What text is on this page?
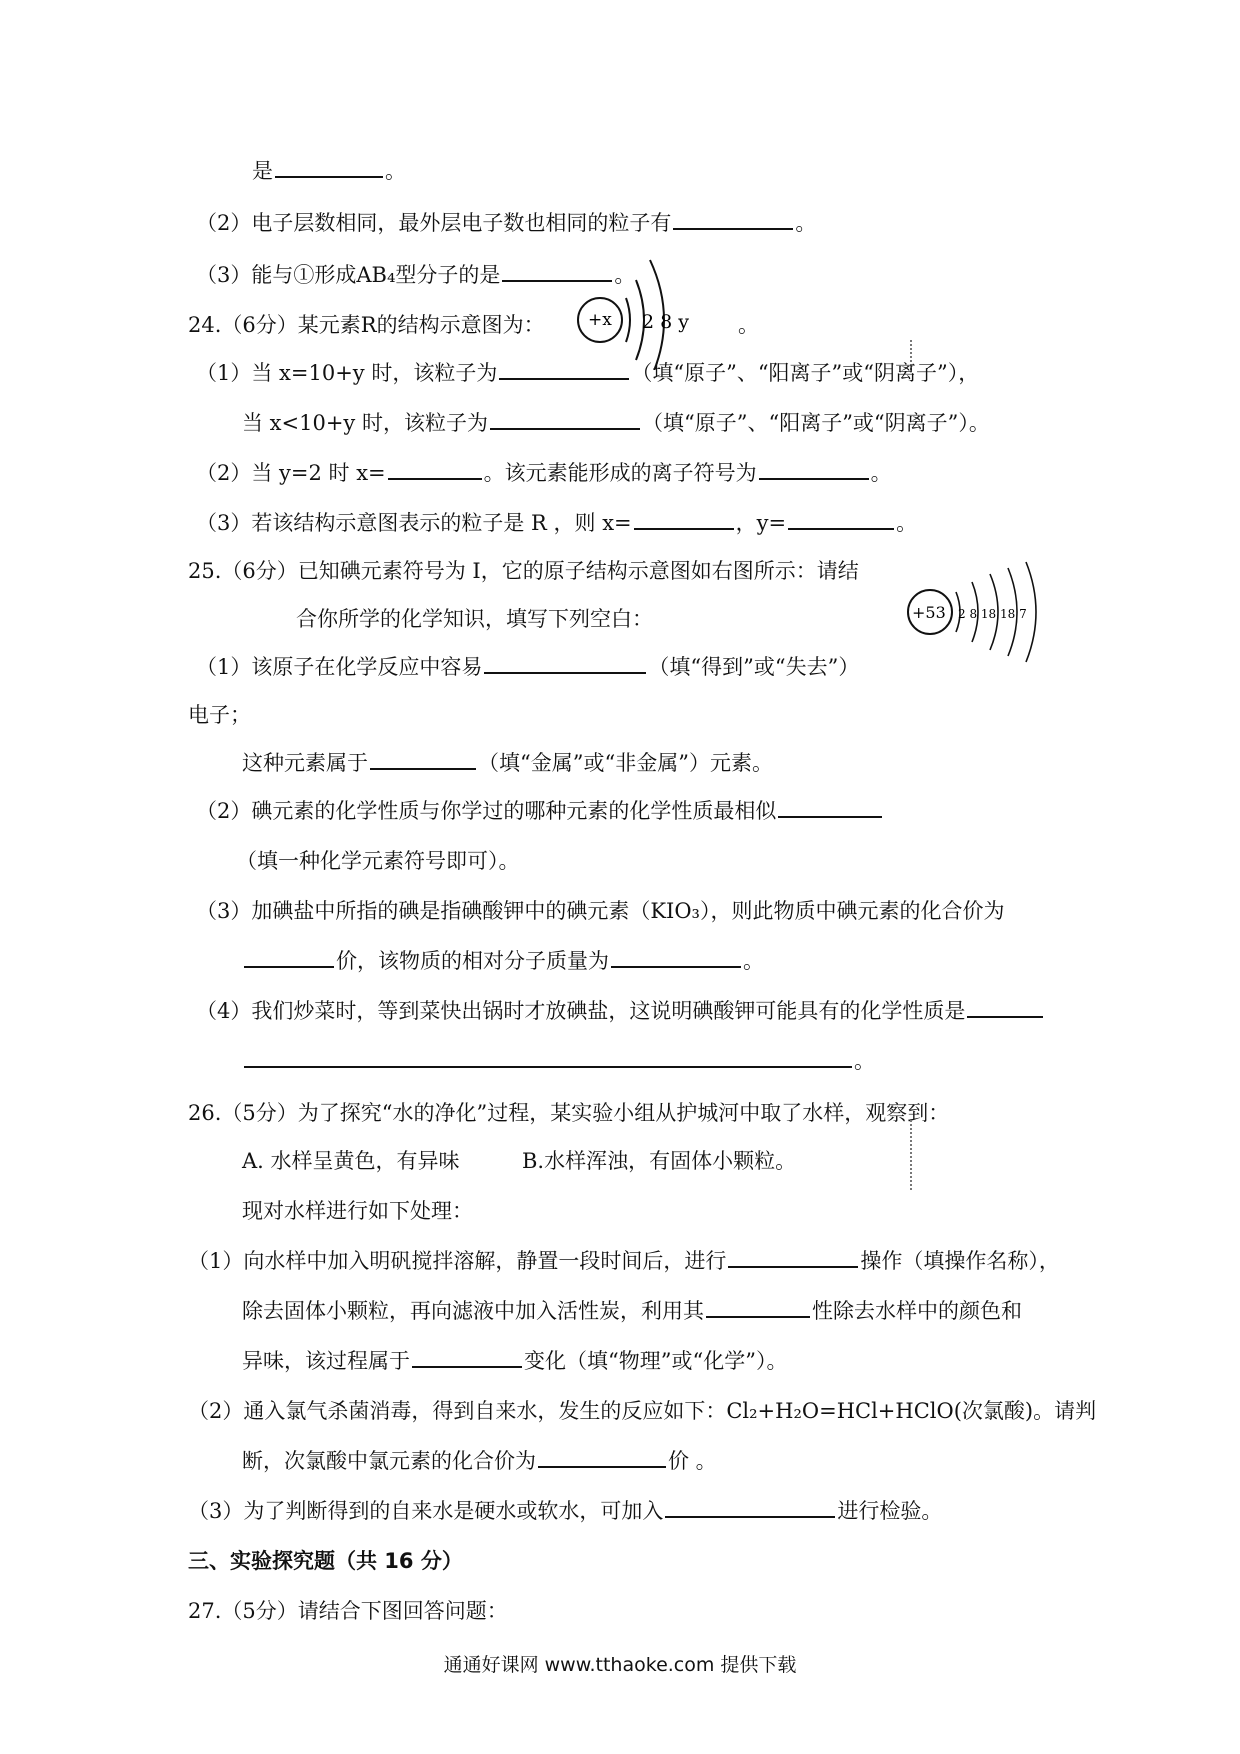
是	。
（2）电子层数相同，最外层电子数也相同的粒子有	。
（3）能与①形成AB₄型分子的是	。
24.（6分）某元素R的结构示意图为：	。
+x 2 8 y
（1）当 x=10+y 时，该粒子为	（填“原子”、“阳离子”或“阴离子”），
当 x<10+y 时，该粒子为	（填“原子”、“阳离子”或“阴离子”）。
（2）当 y=2 时 x=	。该元素能形成的离子符号为	。
（3）若该结构示意图表示的粒子是 R ，则 x=	，y=	。
25.（6分）已知碘元素符号为 I，它的原子结构示意图如右图所示：请结
合你所学的化学知识，填写下列空白：	+53 2 8 18 18 7
（1）该原子在化学反应中容易	（填“得到”或“失去”）
电子；
这种元素属于	（填“金属”或“非金属”）元素。
（2）碘元素的化学性质与你学过的哪种元素的化学性质最相似
（填一种化学元素符号即可）。
（3）加碘盐中所指的碘是指碘酸钾中的碘元素（KIO₃），则此物质中碘元素的化合价为
价，该物质的相对分子质量为	。
（4）我们炒菜时，等到菜快出锅时才放碘盐，这说明碘酸钾可能具有的化学性质是
。
26.（5分）为了探究“水的净化”过程，某实验小组从护城河中取了水样，观察到：
A. 水样呈黄色，有异味	B.水样浑浊，有固体小颗粒。
现对水样进行如下处理：
（1）向水样中加入明矾搅拌溶解，静置一段时间后，进行	操作（填操作名称），
除去固体小颗粒，再向滤液中加入活性炭，利用其	性除去水样中的颜色和
异味，该过程属于	变化（填“物理”或“化学”）。
（2）通入氯气杀菌消毒，得到自来水，发生的反应如下：Cl₂+H₂O=HCl+HClO(次氯酸)。请判
断，次氯酸中氯元素的化合价为	价 。
（3）为了判断得到的自来水是硬水或软水，可加入	进行检验。
三、实验探究题（共 16 分）
27.（5分）请结合下图回答问题：
通通好课网 www.tthaoke.com 提供下载
